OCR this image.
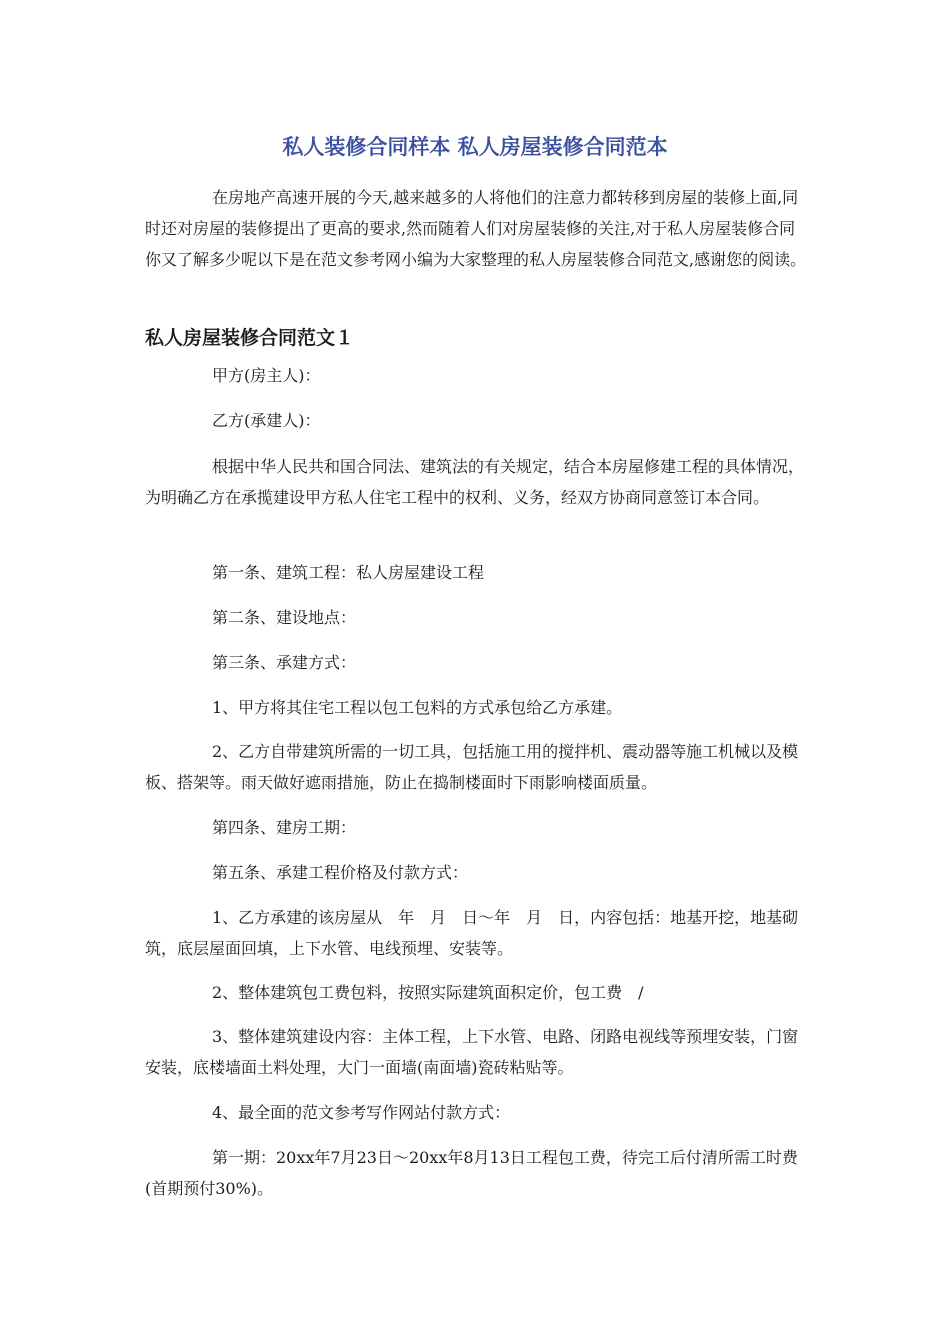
私人装修合同样本 私人房屋装修合同范本

在房地产高速开展的今天,越来越多的人将他们的注意力都转移到房屋的装修上面,同时还对房屋的装修提出了更高的要求,然而随着人们对房屋装修的关注,对于私人房屋装修合同你又了解多少呢以下是在范文参考网小编为大家整理的私人房屋装修合同范文,感谢您的阅读。

私人房屋装修合同范文１

甲方(房主人)：

乙方(承建人)：

根据中华人民共和国合同法、建筑法的有关规定，结合本房屋修建工程的具体情况，为明确乙方在承揽建设甲方私人住宅工程中的权利、义务，经双方协商同意签订本合同。

第一条、建筑工程：私人房屋建设工程

第二条、建设地点：

第三条、承建方式：

1、甲方将其住宅工程以包工包料的方式承包给乙方承建。

2、乙方自带建筑所需的一切工具，包括施工用的搅拌机、震动器等施工机械以及模板、搭架等。雨天做好遮雨措施，防止在捣制楼面时下雨影响楼面质量。

第四条、建房工期：

第五条、承建工程价格及付款方式：

1、乙方承建的该房屋从　年　月　日～年　月　日，内容包括：地基开挖，地基砌筑，底层屋面回填，上下水管、电线预埋、安装等。

2、整体建筑包工费包料，按照实际建筑面积定价，包工费　/

3、整体建筑建设内容：主体工程，上下水管、电路、闭路电视线等预埋安装，门窗安装，底楼墙面土料处理，大门一面墙(南面墙)瓷砖粘贴等。

4、最全面的范文参考写作网站付款方式：

第一期：20xx年7月23日～20xx年8月13日工程包工费，待完工后付清所需工时费(首期预付30%)。
